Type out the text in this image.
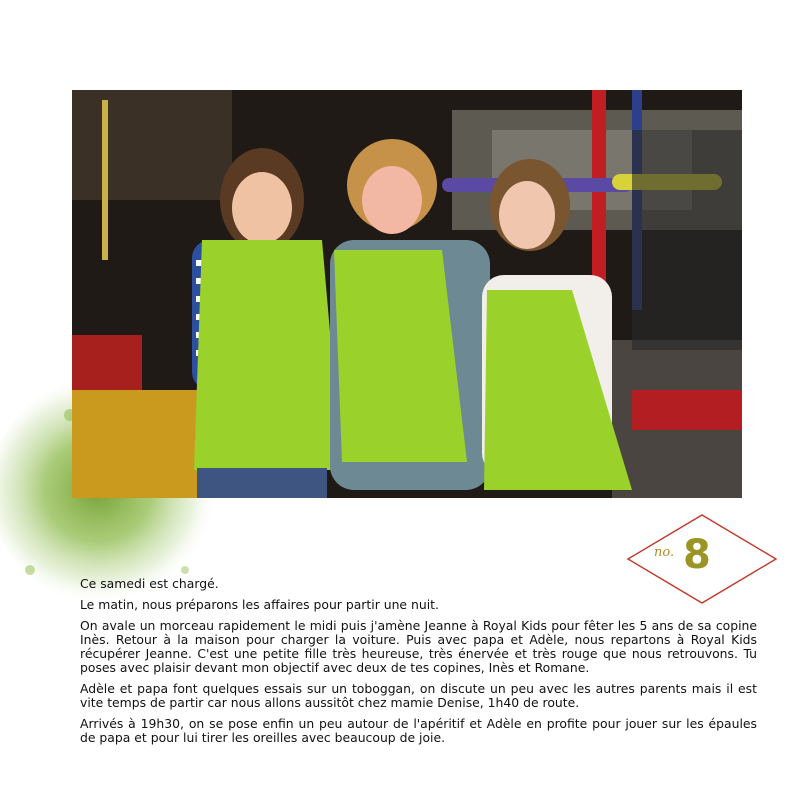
no. 8

Ce samedi est chargé.

Le matin, nous préparons les affaires pour partir une nuit.

On avale un morceau rapidement le midi puis j'amène Jeanne à Royal Kids pour fêter les 5 ans de sa copine Inès. Retour à la maison pour charger la voiture. Puis avec papa et Adèle, nous repartons à Royal Kids récupérer Jeanne. C'est une petite fille très heureuse, très énervée et très rouge que nous retrouvons. Tu poses avec plaisir devant mon objectif avec deux de tes copines, Inès et Romane.

Adèle et papa font quelques essais sur un toboggan, on discute un peu avec les autres parents mais il est vite temps de partir car nous allons aussitôt chez mamie Denise, 1h40 de route.

Arrivés à 19h30, on se pose enfin un peu autour de l'apéritif et Adèle en profite pour jouer sur les épaules de papa et pour lui tirer les oreilles avec beaucoup de joie.
